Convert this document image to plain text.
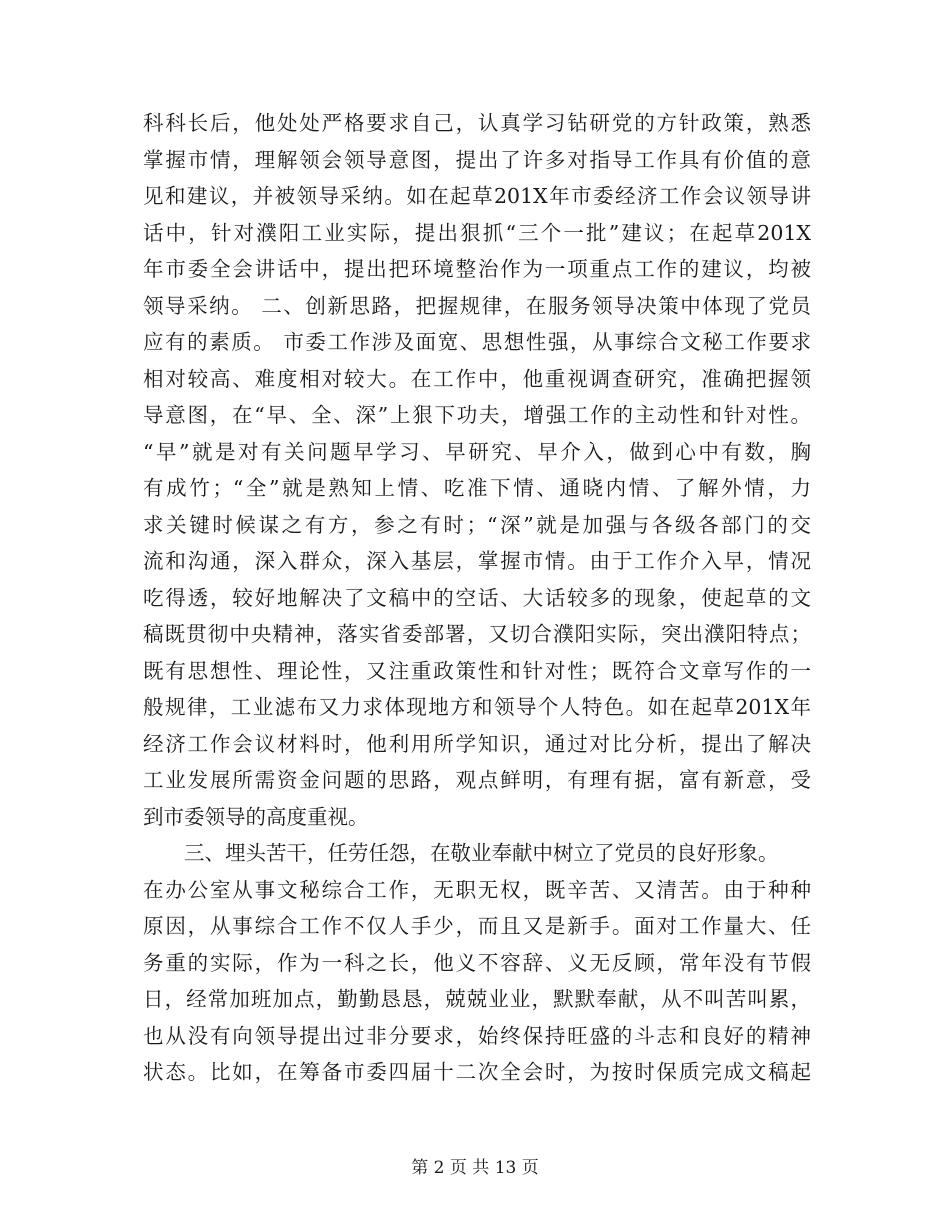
科科长后，他处处严格要求自己，认真学习钻研党的方针政策，熟悉
掌握市情，理解领会领导意图，提出了许多对指导工作具有价值的意
见和建议，并被领导采纳。如在起草201X年市委经济工作会议领导讲
话中，针对濮阳工业实际，提出狠抓“三个一批”建议；在起草201X
年市委全会讲话中，提出把环境整治作为一项重点工作的建议，均被
领导采纳。 二、创新思路，把握规律，在服务领导决策中体现了党员
应有的素质。 市委工作涉及面宽、思想性强，从事综合文秘工作要求
相对较高、难度相对较大。在工作中，他重视调查研究，准确把握领
导意图，在“早、全、深”上狠下功夫，增强工作的主动性和针对性。
“早”就是对有关问题早学习、早研究、早介入，做到心中有数，胸
有成竹；“全”就是熟知上情、吃准下情、通晓内情、了解外情，力
求关键时候谋之有方，参之有时；“深”就是加强与各级各部门的交
流和沟通，深入群众，深入基层，掌握市情。由于工作介入早，情况
吃得透，较好地解决了文稿中的空话、大话较多的现象，使起草的文
稿既贯彻中央精神，落实省委部署，又切合濮阳实际，突出濮阳特点；
既有思想性、理论性，又注重政策性和针对性；既符合文章写作的一
般规律，工业滤布又力求体现地方和领导个人特色。如在起草201X年
经济工作会议材料时，他利用所学知识，通过对比分析，提出了解决
工业发展所需资金问题的思路，观点鲜明，有理有据，富有新意，受
到市委领导的高度重视。
三、埋头苦干，任劳任怨，在敬业奉献中树立了党员的良好形象。
在办公室从事文秘综合工作，无职无权，既辛苦、又清苦。由于种种
原因，从事综合工作不仅人手少，而且又是新手。面对工作量大、任
务重的实际，作为一科之长，他义不容辞、义无反顾，常年没有节假
日，经常加班加点，勤勤恳恳，兢兢业业，默默奉献，从不叫苦叫累，
也从没有向领导提出过非分要求，始终保持旺盛的斗志和良好的精神
状态。比如，在筹备市委四届十二次全会时，为按时保质完成文稿起
第 2 页 共 13 页
